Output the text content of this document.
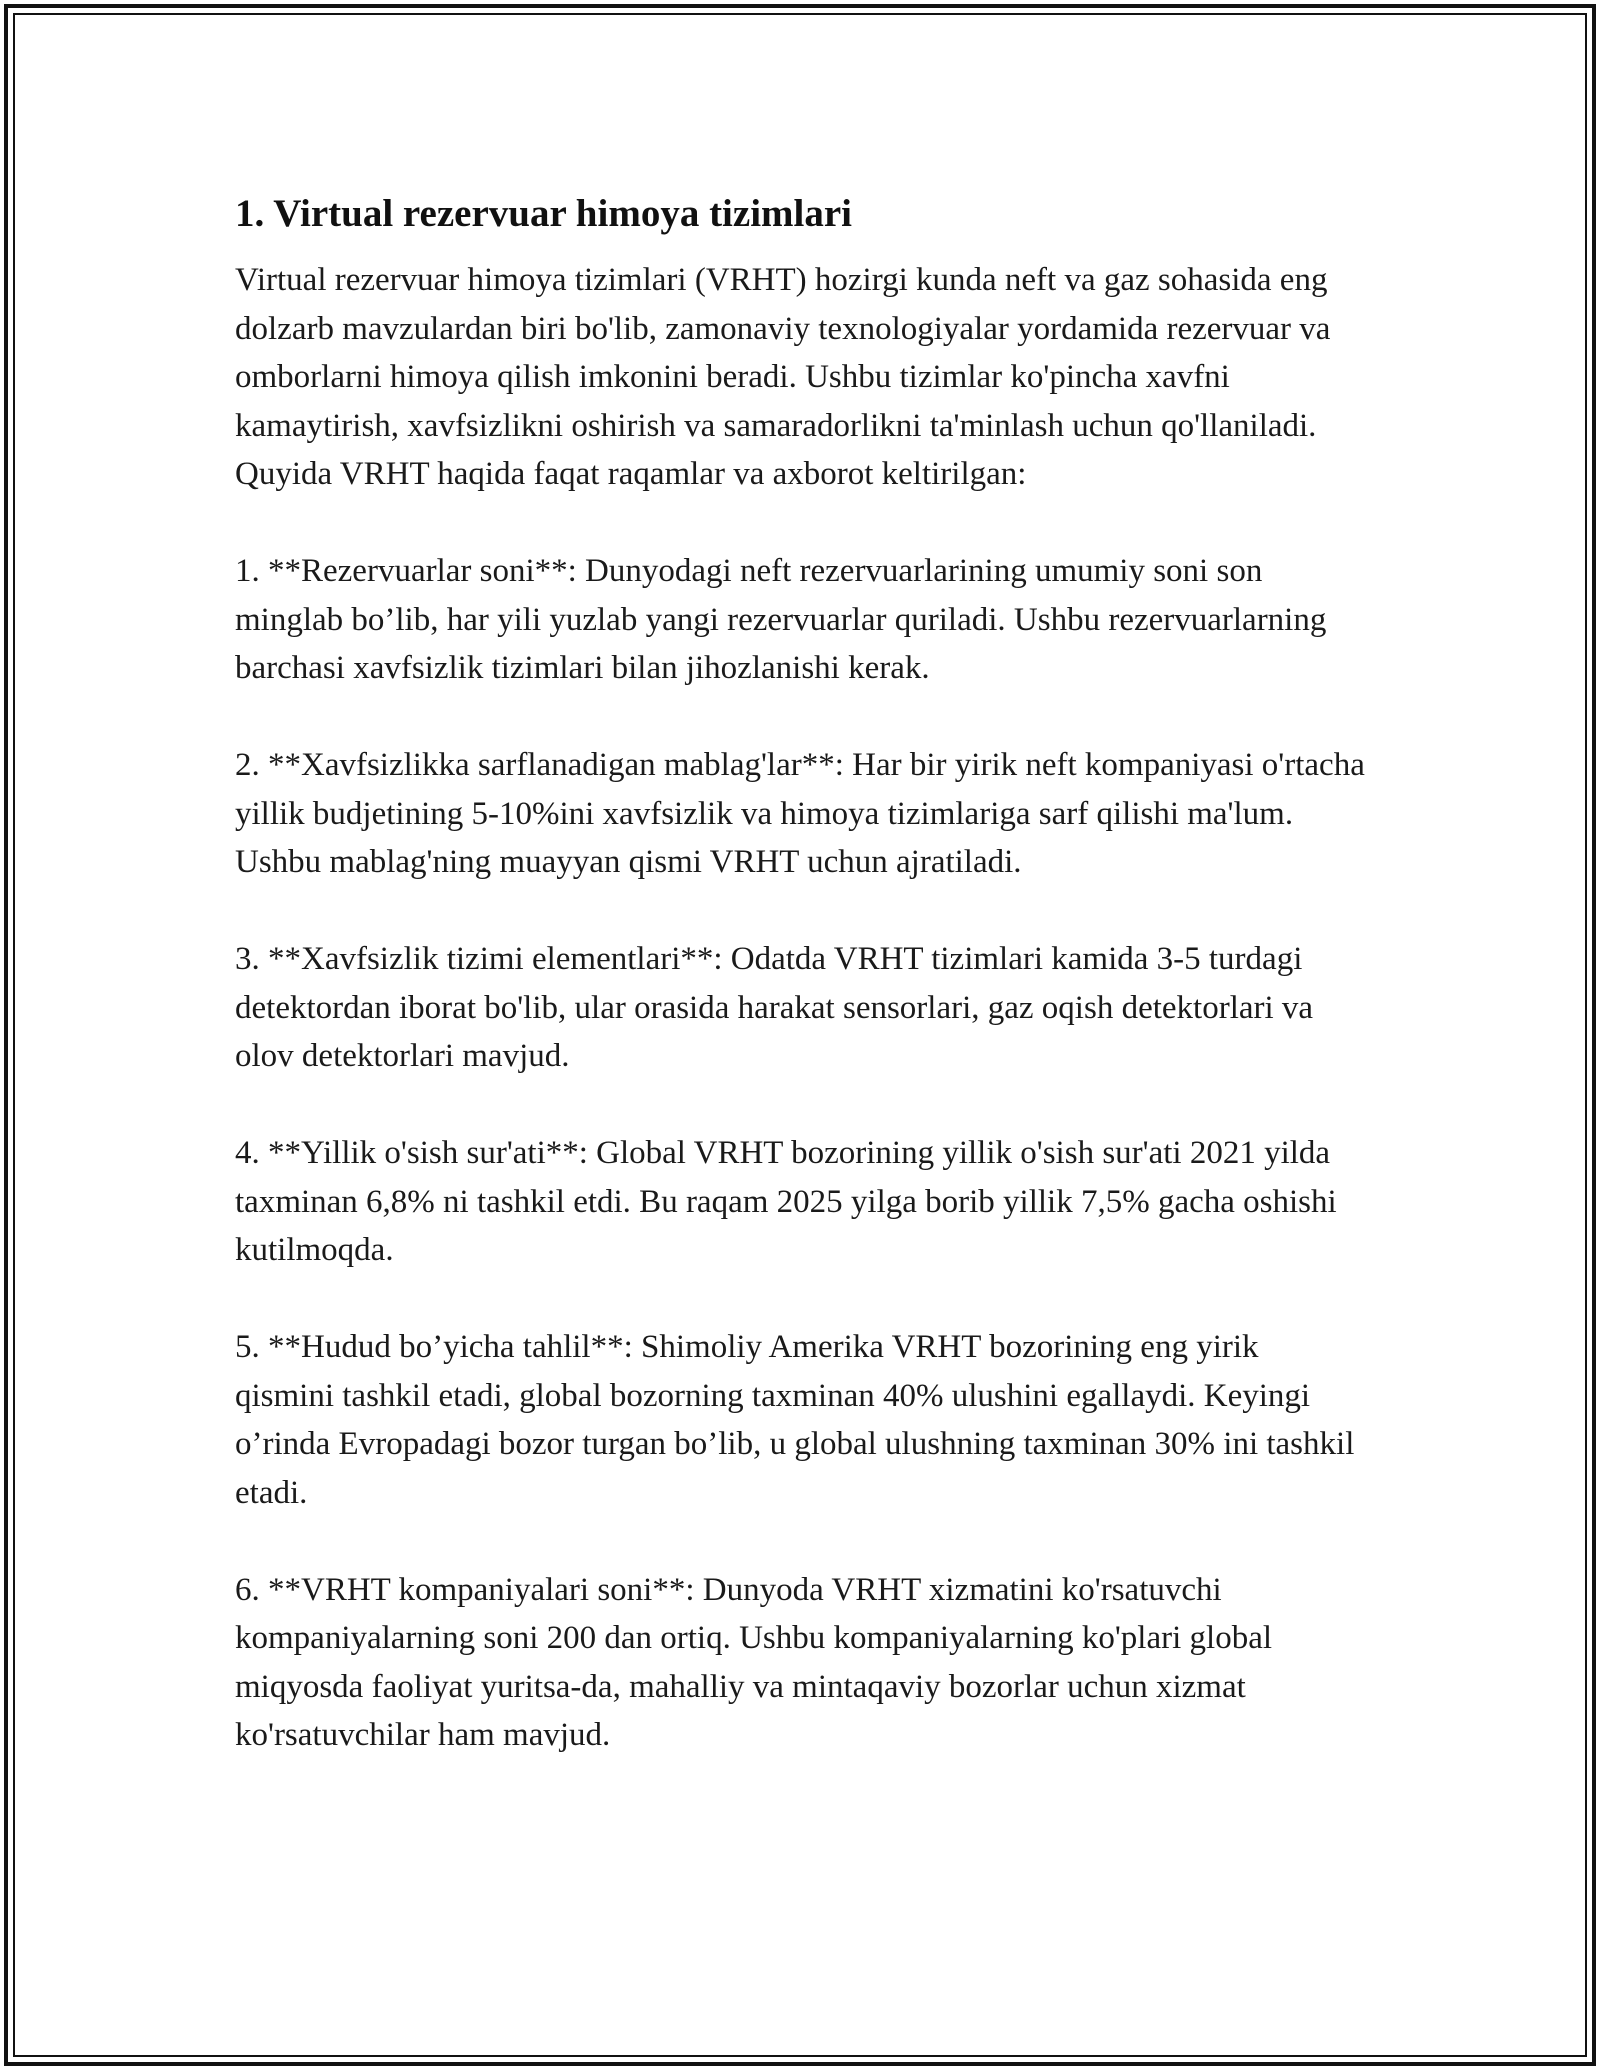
1. Virtual rezervuar himoya tizimlari

Virtual rezervuar himoya tizimlari (VRHT) hozirgi kunda neft va gaz sohasida eng dolzarb mavzulardan biri bo'lib, zamonaviy texnologiyalar yordamida rezervuar va omborlarni himoya qilish imkonini beradi. Ushbu tizimlar ko'pincha xavfni kamaytirish, xavfsizlikni oshirish va samaradorlikni ta'minlash uchun qo'llaniladi. Quyida VRHT haqida faqat raqamlar va axborot keltirilgan:

1. **Rezervuarlar soni**: Dunyodagi neft rezervuarlarining umumiy soni son minglab bo’lib, har yili yuzlab yangi rezervuarlar quriladi. Ushbu rezervuarlarning barchasi xavfsizlik tizimlari bilan jihozlanishi kerak.

2. **Xavfsizlikka sarflanadigan mablag'lar**: Har bir yirik neft kompaniyasi o'rtacha yillik budjetining 5-10%ini xavfsizlik va himoya tizimlariga sarf qilishi ma'lum. Ushbu mablag'ning muayyan qismi VRHT uchun ajratiladi.

3. **Xavfsizlik tizimi elementlari**: Odatda VRHT tizimlari kamida 3-5 turdagi detektordan iborat bo'lib, ular orasida harakat sensorlari, gaz oqish detektorlari va olov detektorlari mavjud.

4. **Yillik o'sish sur'ati**: Global VRHT bozorining yillik o'sish sur'ati 2021 yilda taxminan 6,8% ni tashkil etdi. Bu raqam 2025 yilga borib yillik 7,5% gacha oshishi kutilmoqda.

5. **Hudud bo’yicha tahlil**: Shimoliy Amerika VRHT bozorining eng yirik qismini tashkil etadi, global bozorning taxminan 40% ulushini egallaydi. Keyingi o’rinda Evropadagi bozor turgan bo’lib, u global ulushning taxminan 30% ini tashkil etadi.

6. **VRHT kompaniyalari soni**: Dunyoda VRHT xizmatini ko'rsatuvchi kompaniyalarning soni 200 dan ortiq. Ushbu kompaniyalarning ko'plari global miqyosda faoliyat yuritsa-da, mahalliy va mintaqaviy bozorlar uchun xizmat ko'rsatuvchilar ham mavjud.
